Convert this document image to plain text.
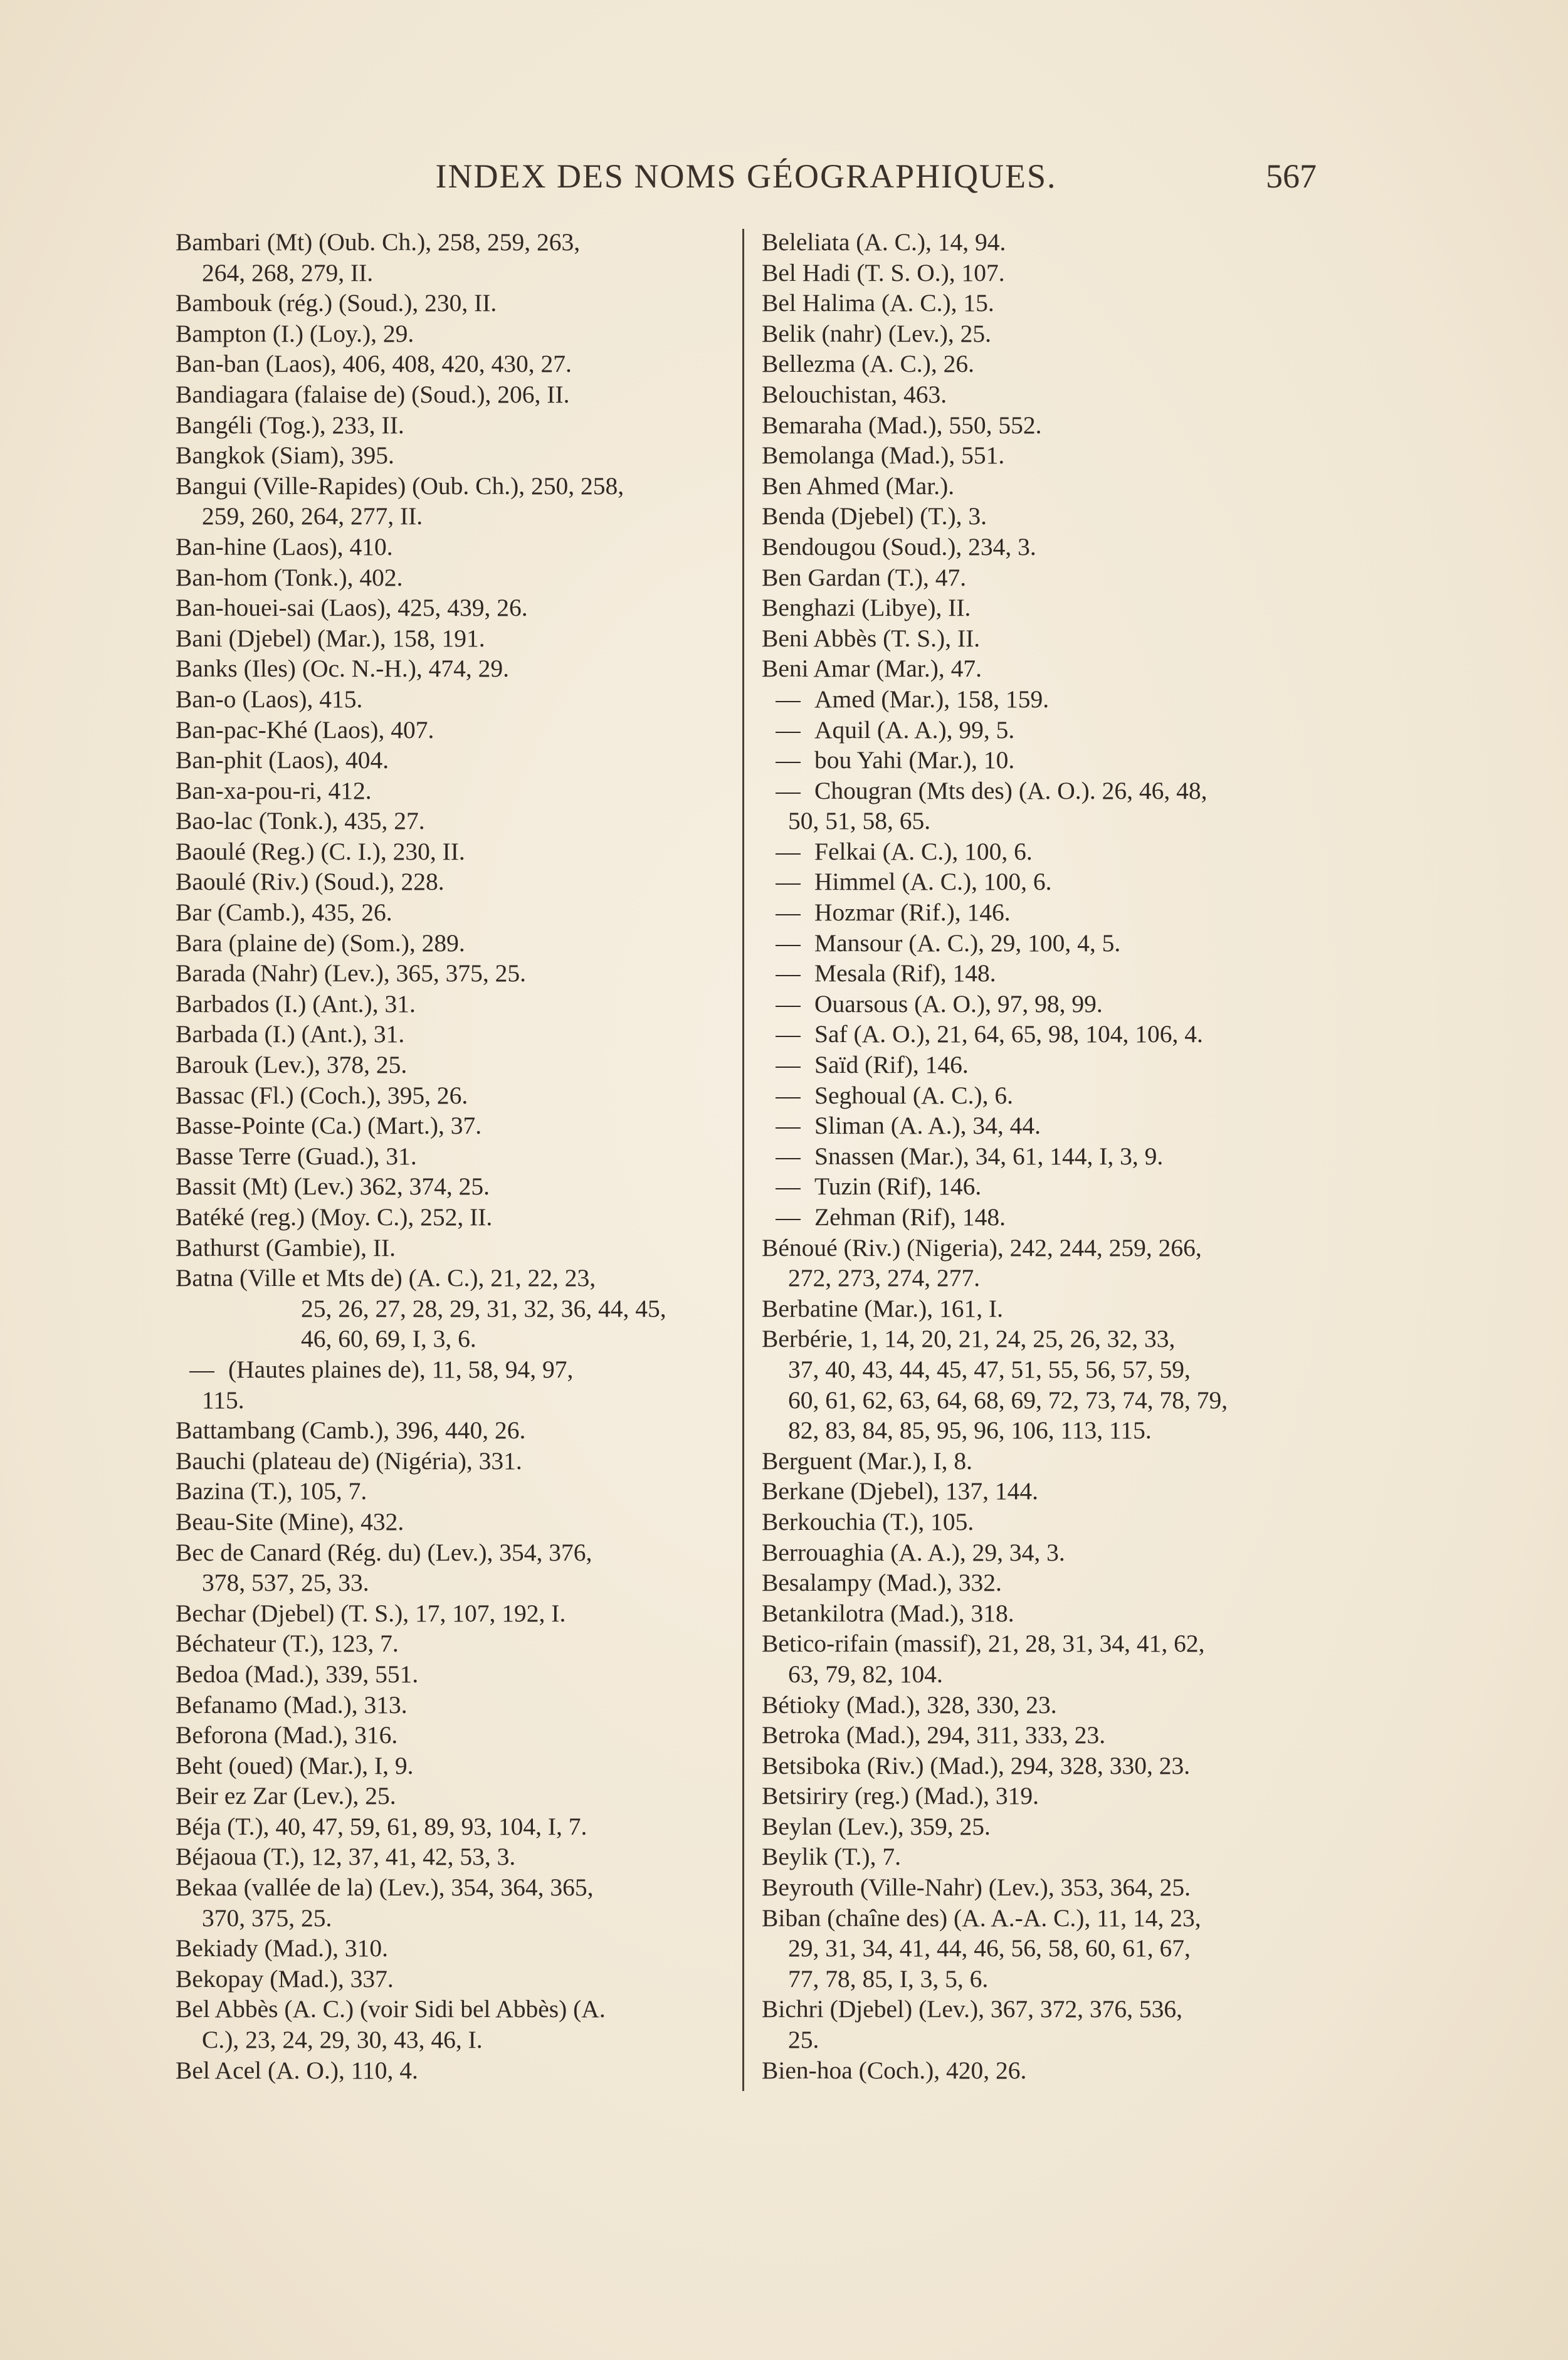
INDEX DES NOMS GÉOGRAPHIQUES.	567
Bambari (Mt) (Oub. Ch.), 258, 259, 263,
264, 268, 279, II.
Bambouk (rég.) (Soud.), 230, II.
Bampton (I.) (Loy.), 29.
Ban-ban (Laos), 406, 408, 420, 430, 27.
Bandiagara (falaise de) (Soud.), 206, II.
Bangéli (Tog.), 233, II.
Bangkok (Siam), 395.
Bangui (Ville-Rapides) (Oub. Ch.), 250, 258,
259, 260, 264, 277, II.
Ban-hine (Laos), 410.
Ban-hom (Tonk.), 402.
Ban-houei-sai (Laos), 425, 439, 26.
Bani (Djebel) (Mar.), 158, 191.
Banks (Iles) (Oc. N.-H.), 474, 29.
Ban-o (Laos), 415.
Ban-pac-Khé (Laos), 407.
Ban-phit (Laos), 404.
Ban-xa-pou-ri, 412.
Bao-lac (Tonk.), 435, 27.
Baoulé (Reg.) (C. I.), 230, II.
Baoulé (Riv.) (Soud.), 228.
Bar (Camb.), 435, 26.
Bara (plaine de) (Som.), 289.
Barada (Nahr) (Lev.), 365, 375, 25.
Barbados (I.) (Ant.), 31.
Barbada (I.) (Ant.), 31.
Barouk (Lev.), 378, 25.
Bassac (Fl.) (Coch.), 395, 26.
Basse-Pointe (Ca.) (Mart.), 37.
Basse Terre (Guad.), 31.
Bassit (Mt) (Lev.) 362, 374, 25.
Batéké (reg.) (Moy. C.), 252, II.
Bathurst (Gambie), II.
Batna (Ville et Mts de) (A. C.), 21, 22, 23,
25, 26, 27, 28, 29, 31, 32, 36, 44, 45,
46, 60, 69, I, 3, 6.
— (Hautes plaines de), 11, 58, 94, 97,
115.
Battambang (Camb.), 396, 440, 26.
Bauchi (plateau de) (Nigéria), 331.
Bazina (T.), 105, 7.
Beau-Site (Mine), 432.
Bec de Canard (Rég. du) (Lev.), 354, 376,
378, 537, 25, 33.
Bechar (Djebel) (T. S.), 17, 107, 192, I.
Béchateur (T.), 123, 7.
Bedoa (Mad.), 339, 551.
Befanamo (Mad.), 313.
Beforona (Mad.), 316.
Beht (oued) (Mar.), I, 9.
Beir ez Zar (Lev.), 25.
Béja (T.), 40, 47, 59, 61, 89, 93, 104, I, 7.
Béjaoua (T.), 12, 37, 41, 42, 53, 3.
Bekaa (vallée de la) (Lev.), 354, 364, 365,
370, 375, 25.
Bekiady (Mad.), 310.
Bekopay (Mad.), 337.
Bel Abbès (A. C.) (voir Sidi bel Abbès) (A.
C.), 23, 24, 29, 30, 43, 46, I.
Bel Acel (A. O.), 110, 4.
Beleliata (A. C.), 14, 94.
Bel Hadi (T. S. O.), 107.
Bel Halima (A. C.), 15.
Belik (nahr) (Lev.), 25.
Bellezma (A. C.), 26.
Belouchistan, 463.
Bemaraha (Mad.), 550, 552.
Bemolanga (Mad.), 551.
Ben Ahmed (Mar.).
Benda (Djebel) (T.), 3.
Bendougou (Soud.), 234, 3.
Ben Gardan (T.), 47.
Benghazi (Libye), II.
Beni Abbès (T. S.), II.
Beni Amar (Mar.), 47.
— Amed (Mar.), 158, 159.
— Aquil (A. A.), 99, 5.
— bou Yahi (Mar.), 10.
— Chougran (Mts des) (A. O.). 26, 46, 48,
50, 51, 58, 65.
— Felkai (A. C.), 100, 6.
— Himmel (A. C.), 100, 6.
— Hozmar (Rif.), 146.
— Mansour (A. C.), 29, 100, 4, 5.
— Mesala (Rif), 148.
— Ouarsous (A. O.), 97, 98, 99.
— Saf (A. O.), 21, 64, 65, 98, 104, 106, 4.
— Saïd (Rif), 146.
— Seghoual (A. C.), 6.
— Sliman (A. A.), 34, 44.
— Snassen (Mar.), 34, 61, 144, I, 3, 9.
— Tuzin (Rif), 146.
— Zehman (Rif), 148.
Bénoué (Riv.) (Nigeria), 242, 244, 259, 266,
272, 273, 274, 277.
Berbatine (Mar.), 161, I.
Berbérie, 1, 14, 20, 21, 24, 25, 26, 32, 33,
37, 40, 43, 44, 45, 47, 51, 55, 56, 57, 59,
60, 61, 62, 63, 64, 68, 69, 72, 73, 74, 78, 79,
82, 83, 84, 85, 95, 96, 106, 113, 115.
Berguent (Mar.), I, 8.
Berkane (Djebel), 137, 144.
Berkouchia (T.), 105.
Berrouaghia (A. A.), 29, 34, 3.
Besalampy (Mad.), 332.
Betankilotra (Mad.), 318.
Betico-rifain (massif), 21, 28, 31, 34, 41, 62,
63, 79, 82, 104.
Bétioky (Mad.), 328, 330, 23.
Betroka (Mad.), 294, 311, 333, 23.
Betsiboka (Riv.) (Mad.), 294, 328, 330, 23.
Betsiriry (reg.) (Mad.), 319.
Beylan (Lev.), 359, 25.
Beylik (T.), 7.
Beyrouth (Ville-Nahr) (Lev.), 353, 364, 25.
Biban (chaîne des) (A. A.-A. C.), 11, 14, 23,
29, 31, 34, 41, 44, 46, 56, 58, 60, 61, 67,
77, 78, 85, I, 3, 5, 6.
Bichri (Djebel) (Lev.), 367, 372, 376, 536,
25.
Bien-hoa (Coch.), 420, 26.
